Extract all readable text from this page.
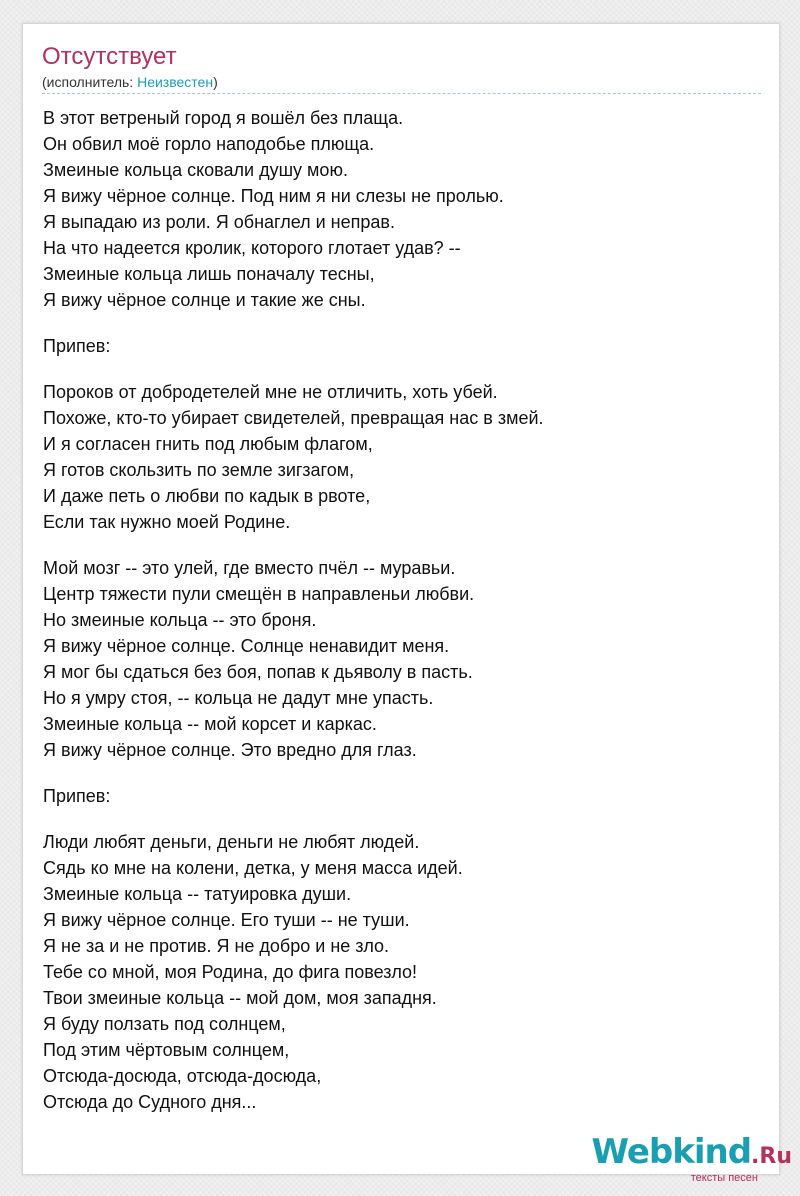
Отсутствует
(исполнитель: Неизвестен)
В этот ветреный город я вошёл без плаща.
Он обвил моё горло наподобье плюща.
Змеиные кольца сковали душу мою.
Я вижу чёрное солнце. Под ним я ни слезы не пролью.
Я выпадаю из роли. Я обнаглел и неправ.
На что надеется кролик, которого глотает удав? --
Змеиные кольца лишь поначалу тесны,
Я вижу чёрное солнце и такие же сны.
Припев:
Пороков от добродетелей мне не отличить, хоть убей.
Похоже, кто-то убирает свидетелей, превращая нас в змей.
И я согласен гнить под любым флагом,
Я готов скользить по земле зигзагом,
И даже петь о любви по кадык в рвоте,
Если так нужно моей Родине.
Мой мозг -- это улей, где вместо пчёл -- муравьи.
Центр тяжести пули смещён в направленьи любви.
Но змеиные кольца -- это броня.
Я вижу чёрное солнце. Солнце ненавидит меня.
Я мог бы сдаться без боя, попав к дьяволу в пасть.
Но я умру стоя, -- кольца не дадут мне упасть.
Змеиные кольца -- мой корсет и каркас.
Я вижу чёрное солнце. Это вредно для глаз.
Припев:
Люди любят деньги, деньги не любят людей.
Сядь ко мне на колени, детка, у меня масса идей.
Змеиные кольца -- татуировка души.
Я вижу чёрное солнце. Его туши -- не туши.
Я не за и не против. Я не добро и не зло.
Тебе со мной, моя Родина, до фига повезло!
Твои змеиные кольца -- мой дом, моя западня.
Я буду ползать под солнцем,
Под этим чёртовым солнцем,
Отсюда-досюда, отсюда-досюда,
Отсюда до Судного дня...
Webkind.Ru
тексты песен
